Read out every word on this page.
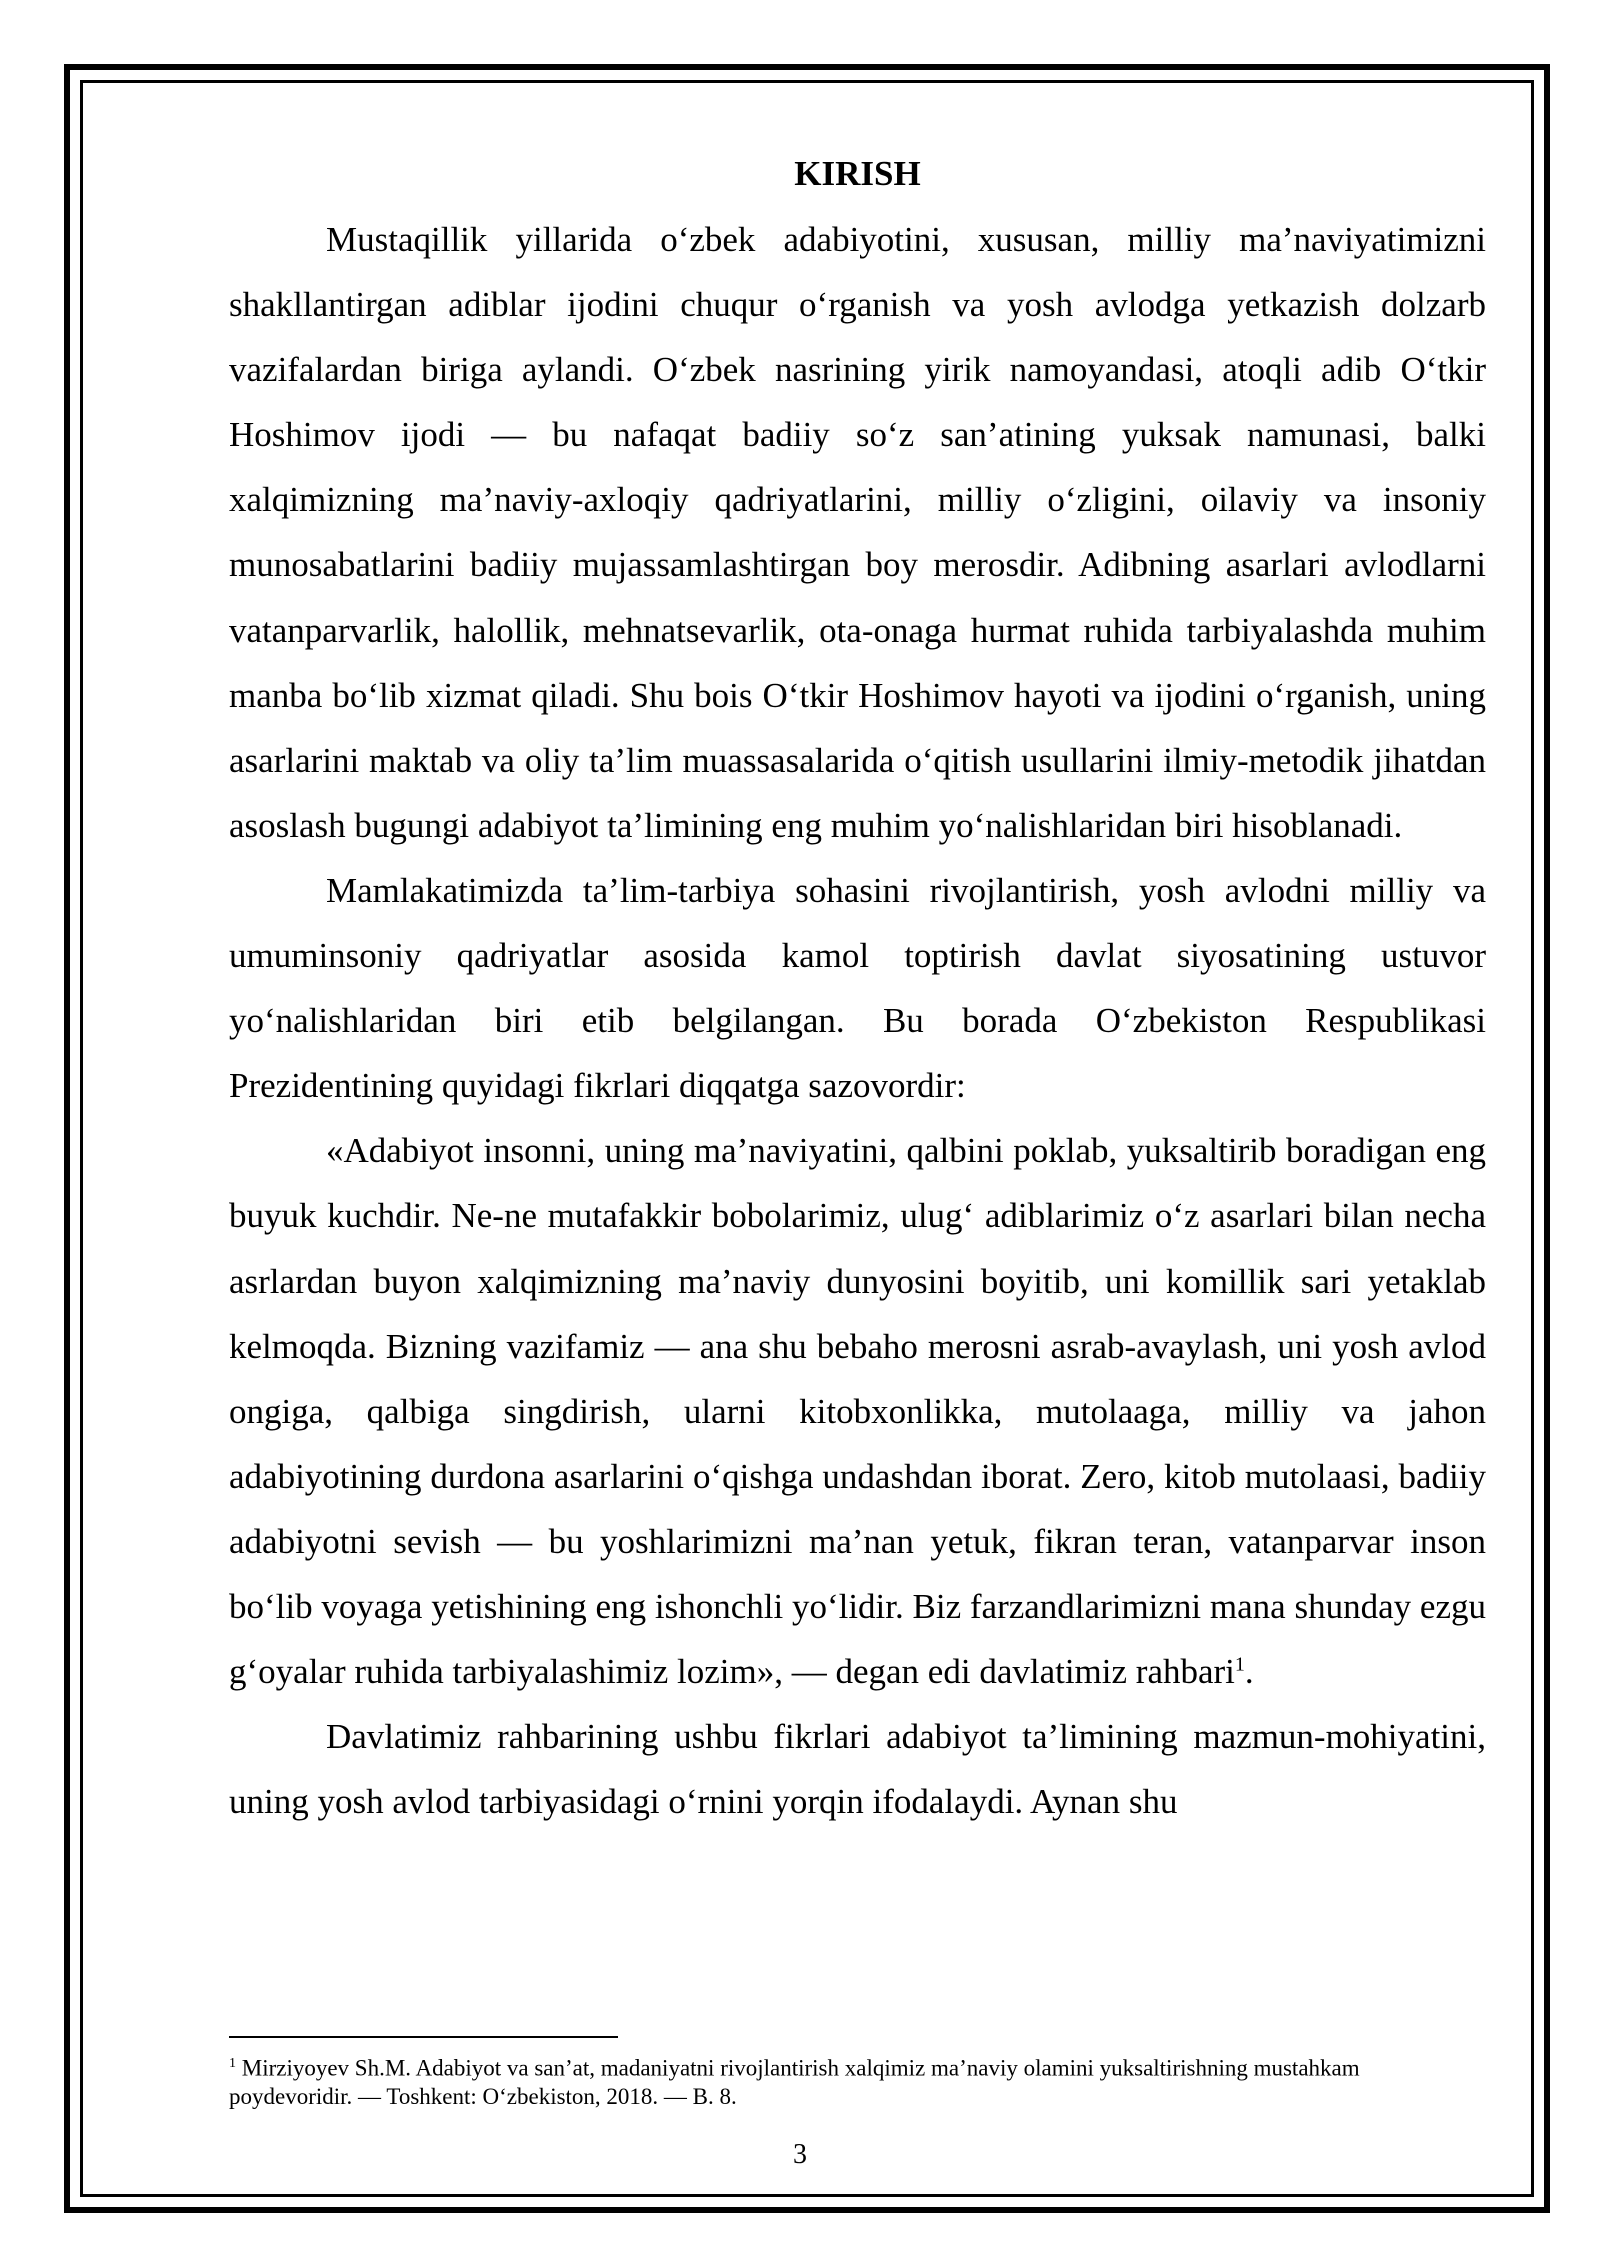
KIRISH

Mustaqillik yillarida o‘zbek adabiyotini, xususan, milliy ma’naviyatimizni shakllantirgan adiblar ijodini chuqur o‘rganish va yosh avlodga yetkazish dolzarb vazifalardan biriga aylandi. O‘zbek nasrining yirik namoyandasi, atoqli adib O‘tkir Hoshimov ijodi — bu nafaqat badiiy so‘z san’atining yuksak namunasi, balki xalqimizning ma’naviy-axloqiy qadriyatlarini, milliy o‘zligini, oilaviy va insoniy munosabatlarini badiiy mujassamlashtirgan boy merosdir. Adibning asarlari avlodlarni vatanparvarlik, halollik, mehnatsevarlik, ota-onaga hurmat ruhida tarbiyalashda muhim manba bo‘lib xizmat qiladi. Shu bois O‘tkir Hoshimov hayoti va ijodini o‘rganish, uning asarlarini maktab va oliy ta’lim muassasalarida o‘qitish usullarini ilmiy-metodik jihatdan asoslash bugungi adabiyot ta’limining eng muhim yo‘nalishlaridan biri hisoblanadi.

Mamlakatimizda ta’lim-tarbiya sohasini rivojlantirish, yosh avlodni milliy va umuminsoniy qadriyatlar asosida kamol toptirish davlat siyosatining ustuvor yo‘nalishlaridan biri etib belgilangan. Bu borada O‘zbekiston Respublikasi Prezidentining quyidagi fikrlari diqqatga sazovordir:

«Adabiyot insonni, uning ma’naviyatini, qalbini poklab, yuksaltirib boradigan eng buyuk kuchdir. Ne-ne mutafakkir bobolarimiz, ulug‘ adiblarimiz o‘z asarlari bilan necha asrlardan buyon xalqimizning ma’naviy dunyosini boyitib, uni komillik sari yetaklab kelmoqda. Bizning vazifamiz — ana shu bebaho merosni asrab-avaylash, uni yosh avlod ongiga, qalbiga singdirish, ularni kitobxonlikka, mutolaaga, milliy va jahon adabiyotining durdona asarlarini o‘qishga undashdan iborat. Zero, kitob mutolaasi, badiiy adabiyotni sevish — bu yoshlarimizni ma’nan yetuk, fikran teran, vatanparvar inson bo‘lib voyaga yetishining eng ishonchli yo‘lidir. Biz farzandlarimizni mana shunday ezgu g‘oyalar ruhida tarbiyalashimiz lozim», — degan edi davlatimiz rahbari$^1$.

Davlatimiz rahbarining ushbu fikrlari adabiyot ta’limining mazmun-mohiyatini, uning yosh avlod tarbiyasidagi o‘rnini yorqin ifodalaydi. Aynan shu

$^1$ Mirziyoyev Sh.M. Adabiyot va san’at, madaniyatni rivojlantirish xalqimiz ma’naviy olamini yuksaltirishning mustahkam poydevoridir. — Toshkent: O‘zbekiston, 2018. — B. 8.

3
